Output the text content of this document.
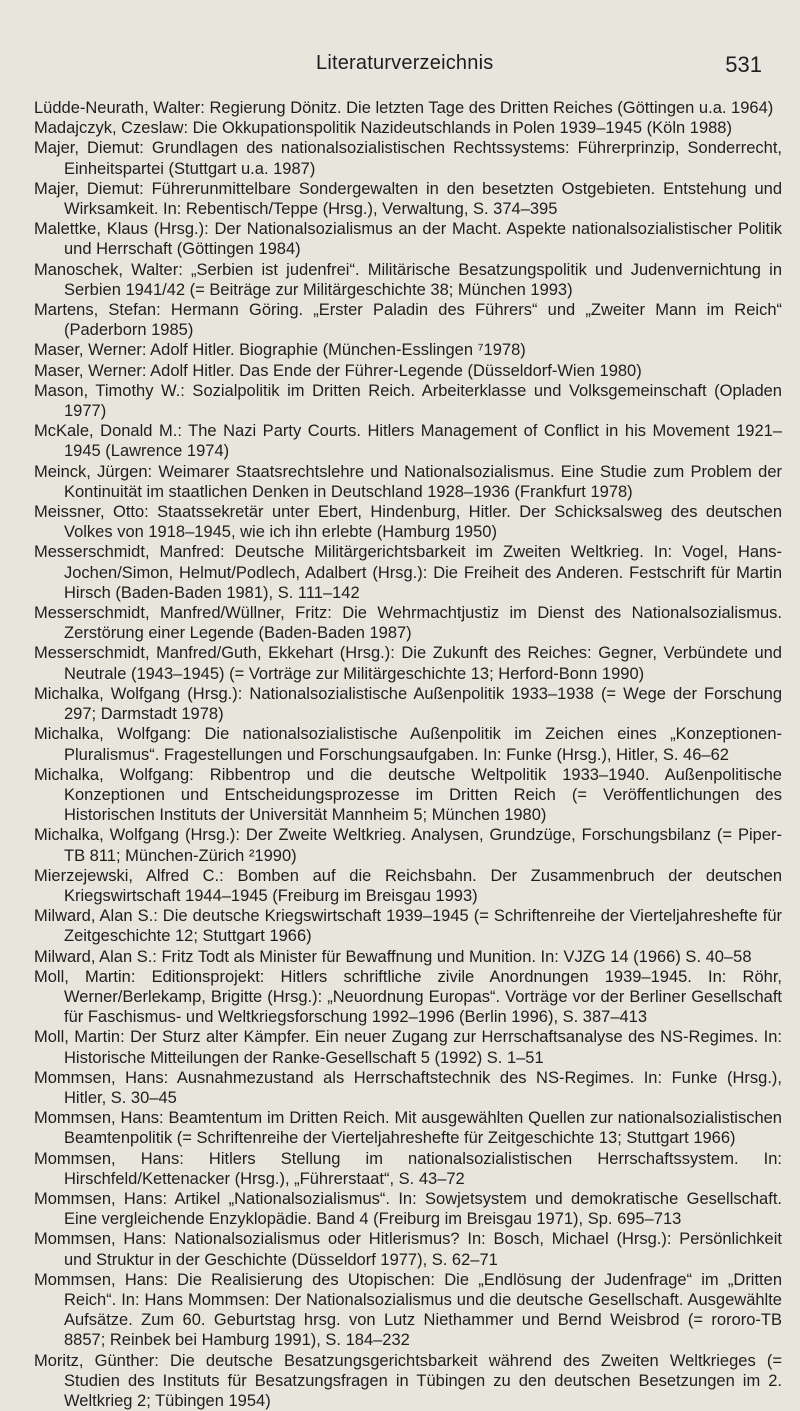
Literaturverzeichnis	531
Lüdde-Neurath, Walter: Regierung Dönitz. Die letzten Tage des Dritten Reiches (Göttingen u.a. 1964)
Madajczyk, Czeslaw: Die Okkupationspolitik Nazideutschlands in Polen 1939–1945 (Köln 1988)
Majer, Diemut: Grundlagen des nationalsozialistischen Rechtssystems: Führerprinzip, Sonderrecht, Einheitspartei (Stuttgart u.a. 1987)
Majer, Diemut: Führerunmittelbare Sondergewalten in den besetzten Ostgebieten. Entstehung und Wirksamkeit. In: Rebentisch/Teppe (Hrsg.), Verwaltung, S. 374–395
Malettke, Klaus (Hrsg.): Der Nationalsozialismus an der Macht. Aspekte nationalsozialistischer Politik und Herrschaft (Göttingen 1984)
Manoschek, Walter: „Serbien ist judenfrei“. Militärische Besatzungspolitik und Judenvernichtung in Serbien 1941/42 (= Beiträge zur Militärgeschichte 38; München 1993)
Martens, Stefan: Hermann Göring. „Erster Paladin des Führers“ und „Zweiter Mann im Reich“ (Paderborn 1985)
Maser, Werner: Adolf Hitler. Biographie (München-Esslingen ⁷1978)
Maser, Werner: Adolf Hitler. Das Ende der Führer-Legende (Düsseldorf-Wien 1980)
Mason, Timothy W.: Sozialpolitik im Dritten Reich. Arbeiterklasse und Volksgemeinschaft (Opladen 1977)
McKale, Donald M.: The Nazi Party Courts. Hitlers Management of Conflict in his Movement 1921–1945 (Lawrence 1974)
Meinck, Jürgen: Weimarer Staatsrechtslehre und Nationalsozialismus. Eine Studie zum Problem der Kontinuität im staatlichen Denken in Deutschland 1928–1936 (Frankfurt 1978)
Meissner, Otto: Staatssekretär unter Ebert, Hindenburg, Hitler. Der Schicksalsweg des deutschen Volkes von 1918–1945, wie ich ihn erlebte (Hamburg 1950)
Messerschmidt, Manfred: Deutsche Militärgerichtsbarkeit im Zweiten Weltkrieg. In: Vogel, Hans-Jochen/Simon, Helmut/Podlech, Adalbert (Hrsg.): Die Freiheit des Anderen. Festschrift für Martin Hirsch (Baden-Baden 1981), S. 111–142
Messerschmidt, Manfred/Wüllner, Fritz: Die Wehrmachtjustiz im Dienst des Nationalsozialismus. Zerstörung einer Legende (Baden-Baden 1987)
Messerschmidt, Manfred/Guth, Ekkehart (Hrsg.): Die Zukunft des Reiches: Gegner, Verbündete und Neutrale (1943–1945) (= Vorträge zur Militärgeschichte 13; Herford-Bonn 1990)
Michalka, Wolfgang (Hrsg.): Nationalsozialistische Außenpolitik 1933–1938 (= Wege der Forschung 297; Darmstadt 1978)
Michalka, Wolfgang: Die nationalsozialistische Außenpolitik im Zeichen eines „Konzeptionen-Pluralismus“. Fragestellungen und Forschungsaufgaben. In: Funke (Hrsg.), Hitler, S. 46–62
Michalka, Wolfgang: Ribbentrop und die deutsche Weltpolitik 1933–1940. Außenpolitische Konzeptionen und Entscheidungsprozesse im Dritten Reich (= Veröffentlichungen des Historischen Instituts der Universität Mannheim 5; München 1980)
Michalka, Wolfgang (Hrsg.): Der Zweite Weltkrieg. Analysen, Grundzüge, Forschungsbilanz (= Piper-TB 811; München-Zürich ²1990)
Mierzejewski, Alfred C.: Bomben auf die Reichsbahn. Der Zusammenbruch der deutschen Kriegswirtschaft 1944–1945 (Freiburg im Breisgau 1993)
Milward, Alan S.: Die deutsche Kriegswirtschaft 1939–1945 (= Schriftenreihe der Vierteljahreshefte für Zeitgeschichte 12; Stuttgart 1966)
Milward, Alan S.: Fritz Todt als Minister für Bewaffnung und Munition. In: VJZG 14 (1966) S. 40–58
Moll, Martin: Editionsprojekt: Hitlers schriftliche zivile Anordnungen 1939–1945. In: Röhr, Werner/Berlekamp, Brigitte (Hrsg.): „Neuordnung Europas“. Vorträge vor der Berliner Gesellschaft für Faschismus- und Weltkriegsforschung 1992–1996 (Berlin 1996), S. 387–413
Moll, Martin: Der Sturz alter Kämpfer. Ein neuer Zugang zur Herrschaftsanalyse des NS-Regimes. In: Historische Mitteilungen der Ranke-Gesellschaft 5 (1992) S. 1–51
Mommsen, Hans: Ausnahmezustand als Herrschaftstechnik des NS-Regimes. In: Funke (Hrsg.), Hitler, S. 30–45
Mommsen, Hans: Beamtentum im Dritten Reich. Mit ausgewählten Quellen zur nationalsozialistischen Beamtenpolitik (= Schriftenreihe der Vierteljahreshefte für Zeitgeschichte 13; Stuttgart 1966)
Mommsen, Hans: Hitlers Stellung im nationalsozialistischen Herrschaftssystem. In: Hirschfeld/Kettenacker (Hrsg.), „Führerstaat“, S. 43–72
Mommsen, Hans: Artikel „Nationalsozialismus“. In: Sowjetsystem und demokratische Gesellschaft. Eine vergleichende Enzyklopädie. Band 4 (Freiburg im Breisgau 1971), Sp. 695–713
Mommsen, Hans: Nationalsozialismus oder Hitlerismus? In: Bosch, Michael (Hrsg.): Persönlichkeit und Struktur in der Geschichte (Düsseldorf 1977), S. 62–71
Mommsen, Hans: Die Realisierung des Utopischen: Die „Endlösung der Judenfrage“ im „Dritten Reich“. In: Hans Mommsen: Der Nationalsozialismus und die deutsche Gesellschaft. Ausgewählte Aufsätze. Zum 60. Geburtstag hrsg. von Lutz Niethammer und Bernd Weisbrod (= rororo-TB 8857; Reinbek bei Hamburg 1991), S. 184–232
Moritz, Günther: Die deutsche Besatzungsgerichtsbarkeit während des Zweiten Weltkrieges (= Studien des Instituts für Besatzungsfragen in Tübingen zu den deutschen Besetzungen im 2. Weltkrieg 2; Tübingen 1954)
